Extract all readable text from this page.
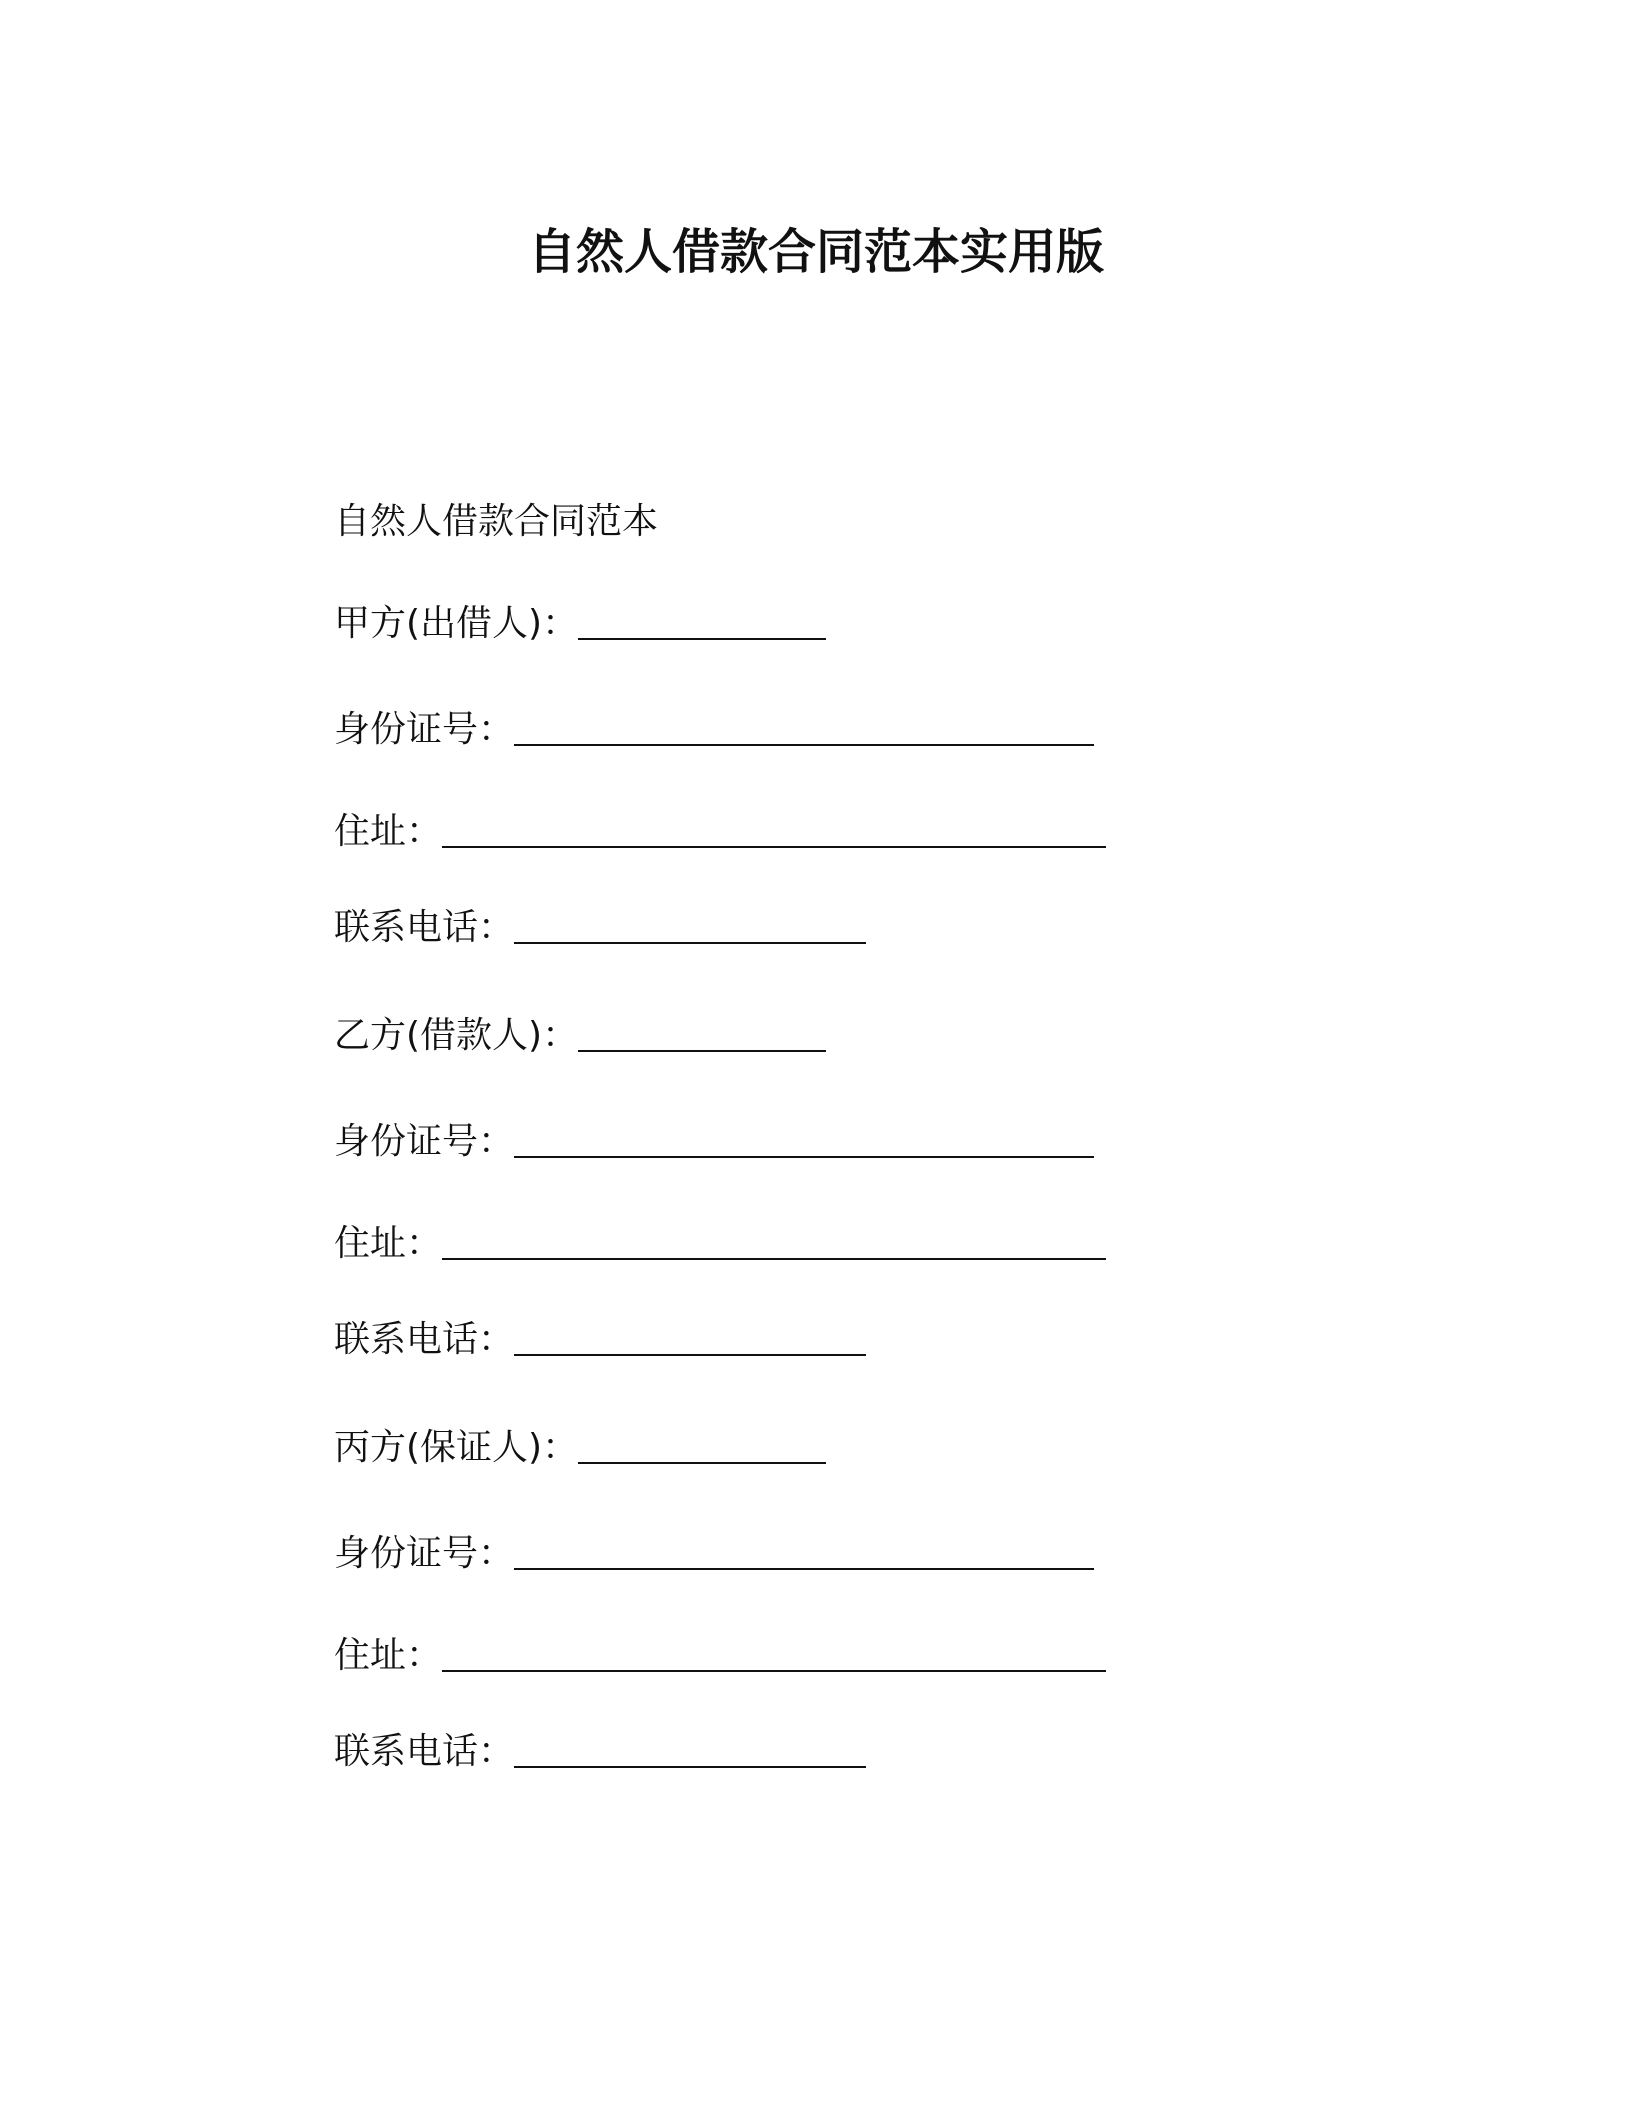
自然人借款合同范本实用版

自然人借款合同范本

甲方(出借人)：
身份证号：
住址：
联系电话：
乙方(借款人)：
身份证号：
住址：
联系电话：
丙方(保证人)：
身份证号：
住址：
联系电话：
